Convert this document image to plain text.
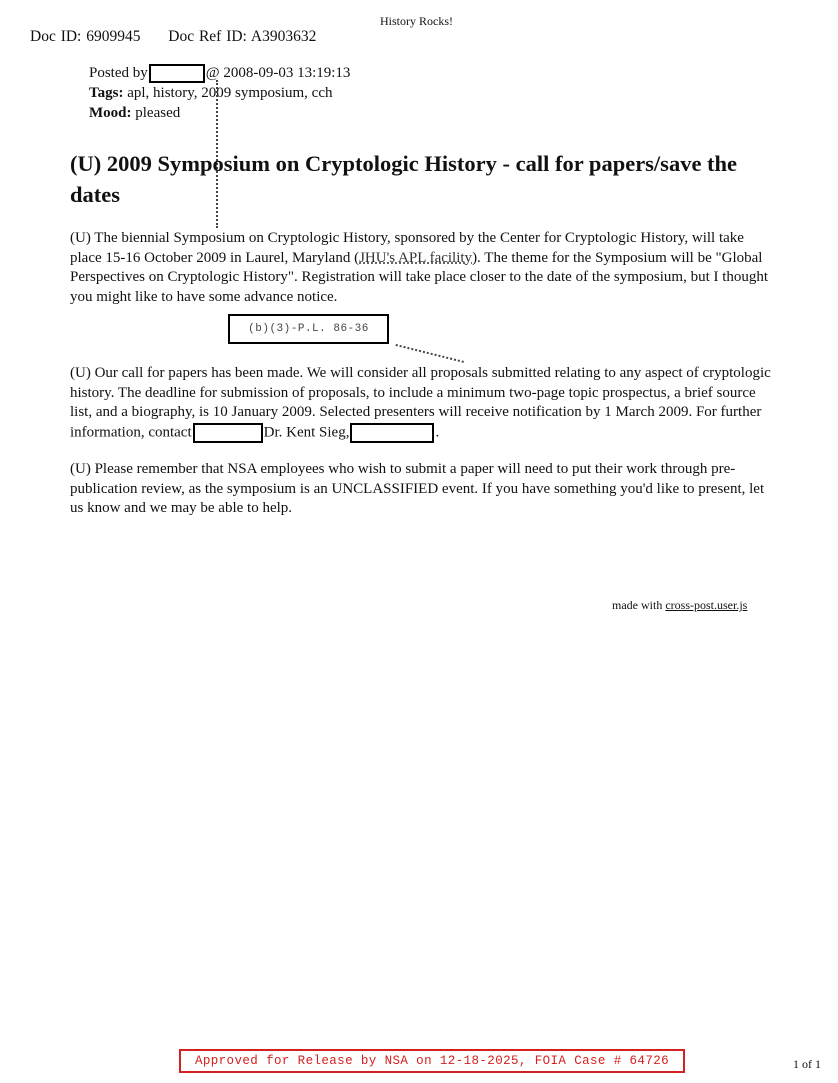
History Rocks!
Doc ID: 6909945 Doc Ref ID: A3903632
Posted by	@ 2008-09-03 13:19:13
Tags: apl, history, 2009 symposium, cch
Mood: pleased
(U) 2009 Symposium on Cryptologic History - call for papers/save the dates
(U) The biennial Symposium on Cryptologic History, sponsored by the Center for Cryptologic History, will take place 15-16 October 2009 in Laurel, Maryland (JHU's APL facility). The theme for the Symposium will be "Global Perspectives on Cryptologic History". Registration will take place closer to the date of the symposium, but I thought you might like to have some advance notice.
(b)(3)-P.L. 86-36
(U) Our call for papers has been made. We will consider all proposals submitted relating to any aspect of cryptologic history. The deadline for submission of proposals, to include a minimum two-page topic prospectus, a brief source list, and a biography, is 10 January 2009. Selected presenters will receive notification by 1 March 2009. For further information, contact	Dr. Kent Sieg,	.
(U) Please remember that NSA employees who wish to submit a paper will need to put their work through pre-publication review, as the symposium is an UNCLASSIFIED event. If you have something you'd like to present, let us know and we may be able to help.
made with cross-post.user.js
Approved for Release by NSA on 12-18-2025, FOIA Case # 64726	1 of 1
